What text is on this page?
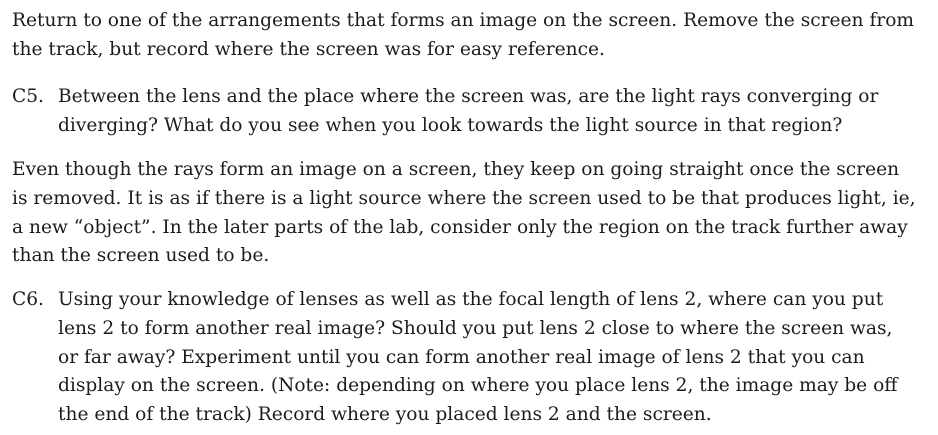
Return to one of the arrangements that forms an image on the screen. Remove the screen from
the track, but record where the screen was for easy reference.

C5. Between the lens and the place where the screen was, are the light rays converging or
diverging? What do you see when you look towards the light source in that region?

Even though the rays form an image on a screen, they keep on going straight once the screen
is removed. It is as if there is a light source where the screen used to be that produces light, ie,
a new “object”. In the later parts of the lab, consider only the region on the track further away
than the screen used to be.

C6. Using your knowledge of lenses as well as the focal length of lens 2, where can you put
lens 2 to form another real image? Should you put lens 2 close to where the screen was,
or far away? Experiment until you can form another real image of lens 2 that you can
display on the screen. (Note: depending on where you place lens 2, the image may be off
the end of the track) Record where you placed lens 2 and the screen.
